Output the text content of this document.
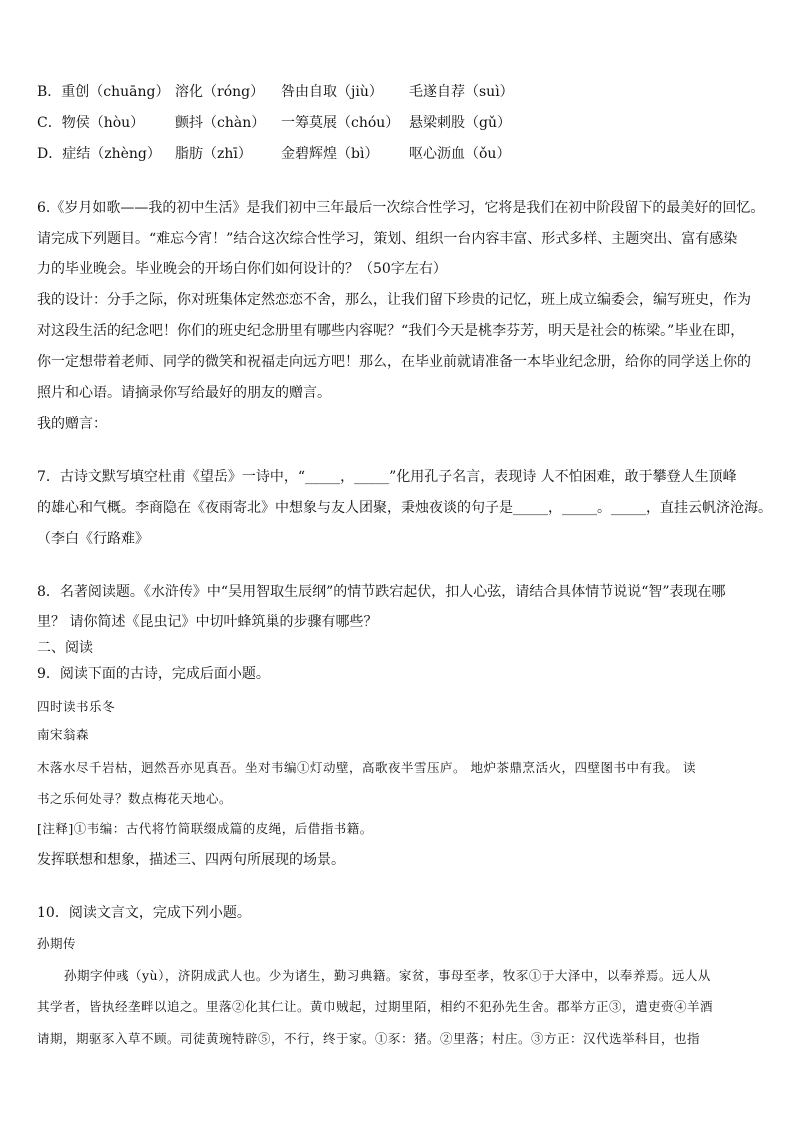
B．重创（chuāng） 溶化（róng） 咎由自取（jiù） 毛遂自荐（suì）
C．物侯（hòu） 颤抖（chàn） 一筹莫展（chóu） 悬梁刺股（gǔ）
D．症结（zhèng） 脂肪（zhī） 金碧辉煌（bì） 呕心沥血（ǒu）
6.《岁月如歌——我的初中生活》是我们初中三年最后一次综合性学习，它将是我们在初中阶段留下的最美好的回忆。
请完成下列题目。“难忘今宵！”结合这次综合性学习，策划、组织一台内容丰富、形式多样、主题突出、富有感染
力的毕业晚会。毕业晚会的开场白你们如何设计的？（50字左右）
我的设计：分手之际，你对班集体定然恋恋不舍，那么，让我们留下珍贵的记忆，班上成立编委会，编写班史，作为
对这段生活的纪念吧！你们的班史纪念册里有哪些内容呢？“我们今天是桃李芬芳，明天是社会的栋梁。”毕业在即，
你一定想带着老师、同学的微笑和祝福走向远方吧！那么，在毕业前就请准备一本毕业纪念册，给你的同学送上你的
照片和心语。请摘录你写给最好的朋友的赠言。
我的赠言：
7．古诗文默写填空杜甫《望岳》一诗中，“_____，_____”化用孔子名言，表现诗 人不怕困难，敢于攀登人生顶峰
的雄心和气概。李商隐在《夜雨寄北》中想象与友人团聚，秉烛夜谈的句子是_____，_____。_____，直挂云帆济沧海。
（李白《行路难》
8．名著阅读题。《水浒传》中“吴用智取生辰纲”的情节跌宕起伏，扣人心弦，请结合具体情节说说“智”表现在哪
里？ 请你简述《昆虫记》中切叶蜂筑巢的步骤有哪些？
二、阅读
9．阅读下面的古诗，完成后面小题。
四时读书乐冬
南宋翁森
木落水尽千岩枯，迥然吾亦见真吾。坐对韦编①灯动壁，高歌夜半雪压庐。 地炉茶鼎烹活火，四壁图书中有我。 读
书之乐何处寻？数点梅花天地心。
[注释]①韦编：古代将竹简联缀成篇的皮绳，后借指书籍。
发挥联想和想象，描述三、四两句所展现的场景。
10．阅读文言文，完成下列小题。
孙期传
孙期字仲彧（yù），济阴成武人也。少为诸生，勤习典籍。家贫，事母至孝，牧豕①于大泽中，以奉养焉。远人从
其学者，皆执经垄畔以追之。里落②化其仁让。黄巾贼起，过期里陌，相约不犯孙先生舍。郡举方正③，遣吏赍④羊酒
请期，期驱豕入草不顾。司徒黄琬特辟⑤，不行，终于家。①豕：猪。②里落；村庄。③方正：汉代选举科目，也指
